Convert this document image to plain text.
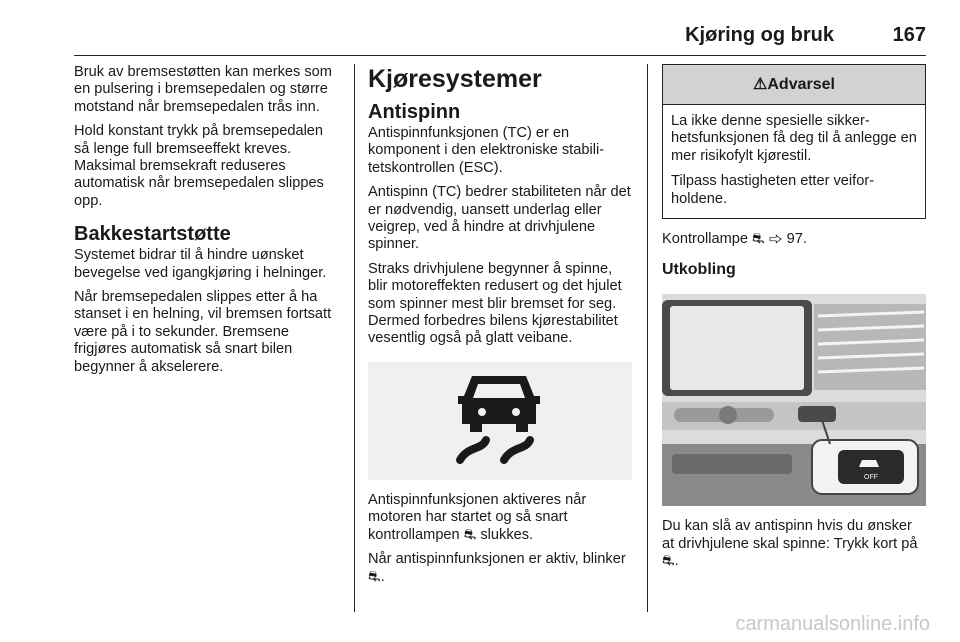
Kjøring og bruk	167

Bruk av bremsestøtten kan merkes som en pulsering i bremsepedalen og større motstand når bremsepedalen trås inn.

Hold konstant trykk på bremsepedalen så lenge full bremseeffekt kreves. Maksimal bremsekraft reduseres automatisk når bremsepedalen slippes opp.

Bakkestartstøtte

Systemet bidrar til å hindre uønsket bevegelse ved igangkjøring i helninger.

Når bremsepedalen slippes etter å ha stanset i en helning, vil bremsen fortsatt være på i to sekunder. Bremsene frigjøres automatisk så snart bilen begynner å akselerere.

Kjøresystemer
Antispinn

Antispinnfunksjonen (TC) er en komponent i den elektroniske stabilitetskontrollen (ESC).

Antispinn (TC) bedrer stabiliteten når det er nødvendig, uansett underlag eller veigrep, ved å hindre at drivhjulene spinner.

Straks drivhjulene begynner å spinne, blir motoreffekten redusert og det hjulet som spinner mest blir bremset for seg. Dermed forbedres bilens kjørestabilitet vesentlig også på glatt veibane.

Antispinnfunksjonen aktiveres når motoren har startet og så snart kontrollampen ⛐ slukkes.

Når antispinnfunksjonen er aktiv, blinker ⛐.

⚠Advarsel

La ikke denne spesielle sikkerhetsfunksjonen få deg til å anlegge en mer risikofylt kjørestil.

Tilpass hastigheten etter veiforholdene.

Kontrollampe ⛐ ⇨ 97.

Utkobling
OFF

Du kan slå av antispinn hvis du ønsker at drivhjulene skal spinne: Trykk kort på ⛐.

carmanualsonline.info
